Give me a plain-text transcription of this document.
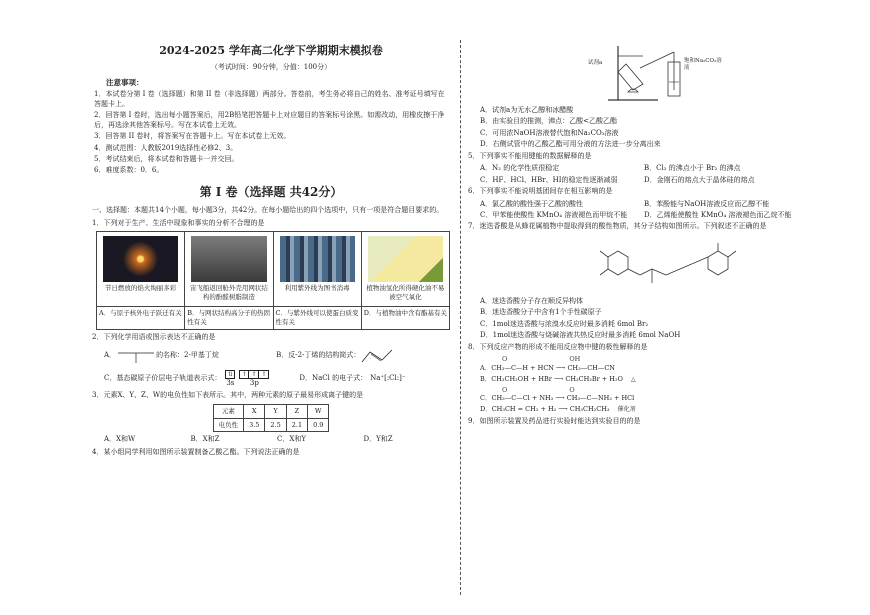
2024-2025 学年高二化学下学期期末模拟卷
（考试时间：90分钟，分值：100分）
注意事项：
1．本试卷分第 I 卷（选择题）和第 II 卷（非选择题）两部分。答卷前，考生务必将自己的姓名、准考证号填写在答题卡上。
2．回答第 I 卷时，选出每小题答案后，用2B铅笔把答题卡上对应题目的答案标号涂黑。如需改动，用橡皮擦干净后，再选涂其他答案标号。写在本试卷上无效。
3．回答第 II 卷时，将答案写在答题卡上。写在本试卷上无效。
4．测试范围：人教版2019选择性必修2、3。
5．考试结束后，将本试卷和答题卡一并交回。
6．难度系数：0．6。
第 I 卷（选择题 共42分）
一、选择题：本题共14个小题，每小题3分，共42分。在每小题给出的四个选项中，只有一项是符合题目要求的。
1．下列对于生产、生活中现象和事实的分析不合理的是
节日燃放的焰火绚丽多彩	宙飞船返回舱外壳用网状结构的酚醛树脂制造	利用紫外线为图书消毒	植物油氢化所得硬化油不易被空气氧化

A．与原子核外电子跃迁有关	B．与网状结构高分子的热固性有关	C．与紫外线可以使蛋白质变性有关	D．与植物油中含有酯基有关
2．下列化学用语或图示表达不正确的是
A．	的名称：2-甲基丁烷	B．反-2-丁烯的结构简式：
C．基态碳原子价层电子轨道表示式：	⇅
3s
↑ ↑ ↑
3p
D．NaCl 的电子式： Na⁺[:Cl:]⁻
3．元素X、Y、Z、W的电负性如下表所示。其中，两种元素的原子最易形成离子键的是
元素	X	Y	Z	W
电负性	3.5	2.5	2.1	0.9
A．X和W	B．X和Z	C．X和Y	D．Y和Z
4．某小组同学利用如图所示装置制备乙酸乙酯。下列说法正确的是
试剂a	饱和Na₂CO₃溶液
A．试剂a为无水乙醇和冰醋酸
B．由实验目的推测，沸点：乙酸<乙酸乙酯
C．可用浓NaOH溶液替代饱和Na₂CO₃溶液
D．右侧试管中的乙酸乙酯可用分液的方法进一步分离出来
5．下列事实不能用键能的数据解释的是
A．N₂ 的化学性质很稳定	B．Cl₂ 的沸点小于 Br₂ 的沸点
C．HF、HCl、HBr、HI的稳定性逐渐减弱	D．金刚石的熔点大于晶体硅的熔点
6．下列事实不能说明基团间存在相互影响的是
A．氯乙酸的酸性强于乙酸的酸性	B．苯酚能与NaOH溶液反应而乙醇不能
C．甲苯能使酸性 KMnO₄ 溶液褪色而甲烷不能	D．乙烯能使酸性 KMnO₄ 溶液褪色而乙烷不能
7．迷迭香酸是从蜂花属植物中提取得到的酸性物质，其分子结构如图所示。下列叙述不正确的是
A．迷迭香酸分子存在顺反异构体
B．迷迭香酸分子中含有1个手性碳原子
C．1mol迷迭香酸与浓溴水反应时最多消耗 6mol Br₂
D．1mol迷迭香酸与烧碱溶液共热反应时最多消耗 6mol NaOH
8．下列反应产物的形成不能用反应物中键的极性解释的是
O                              OH
A．CH₃—C—H + HCN ⟶ CH₃—CH—CN
B．CH₃CH₂OH + HBr ⟶ CH₃CH₂Br + H₂O △
O                              O
C．CH₃—C—Cl + NH₃ ⟶ CH₃—C—NH₂ + HCl
D．CH₃CH = CH₂ + H₂ ⟶ CH₃CH₂CH₃ 催化剂
9．如图所示装置及药品进行实验时能达到实验目的的是
